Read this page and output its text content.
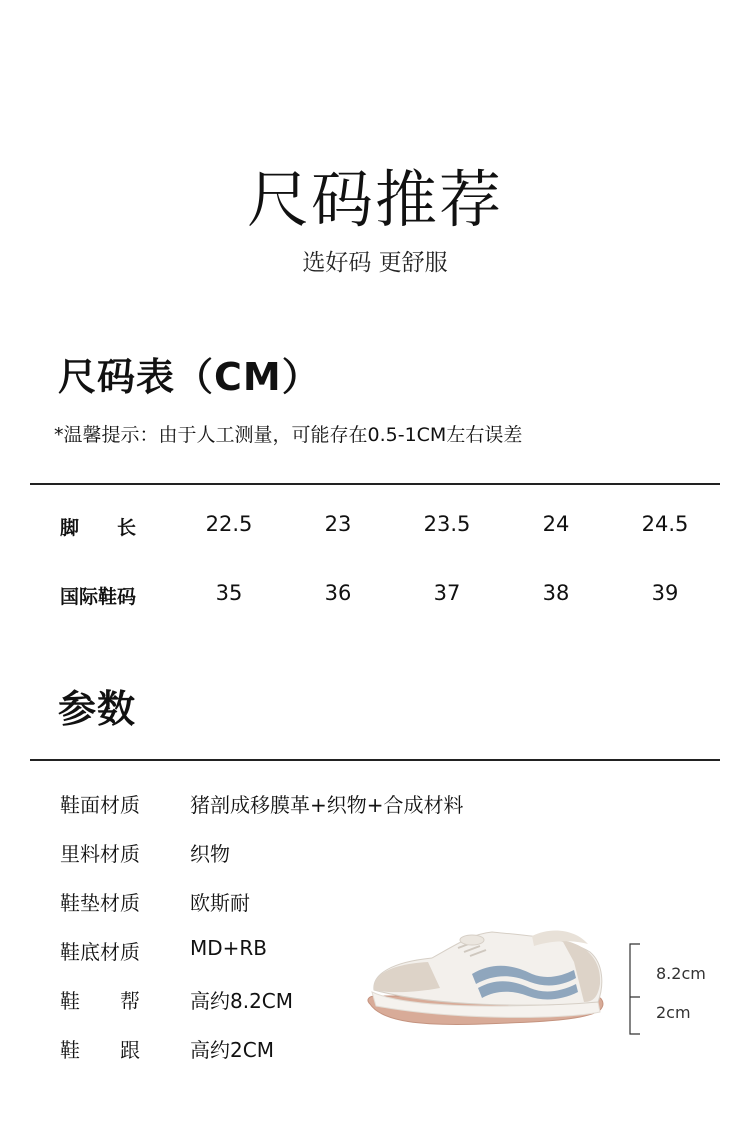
尺码推荐
选好码 更舒服
尺码表（CM）
*温馨提示：由于人工测量，可能存在0.5-1CM左右误差
脚　　长	22.5	23	23.5	24	24.5
国际鞋码	35	36	37	38	39
参数
鞋面材质	猪剖成移膜革+织物+合成材料
里料材质	织物
鞋垫材质	欧斯耐
鞋底材质	MD+RB
鞋　　帮	高约8.2CM
鞋　　跟	高约2CM
8.2cm
2cm
